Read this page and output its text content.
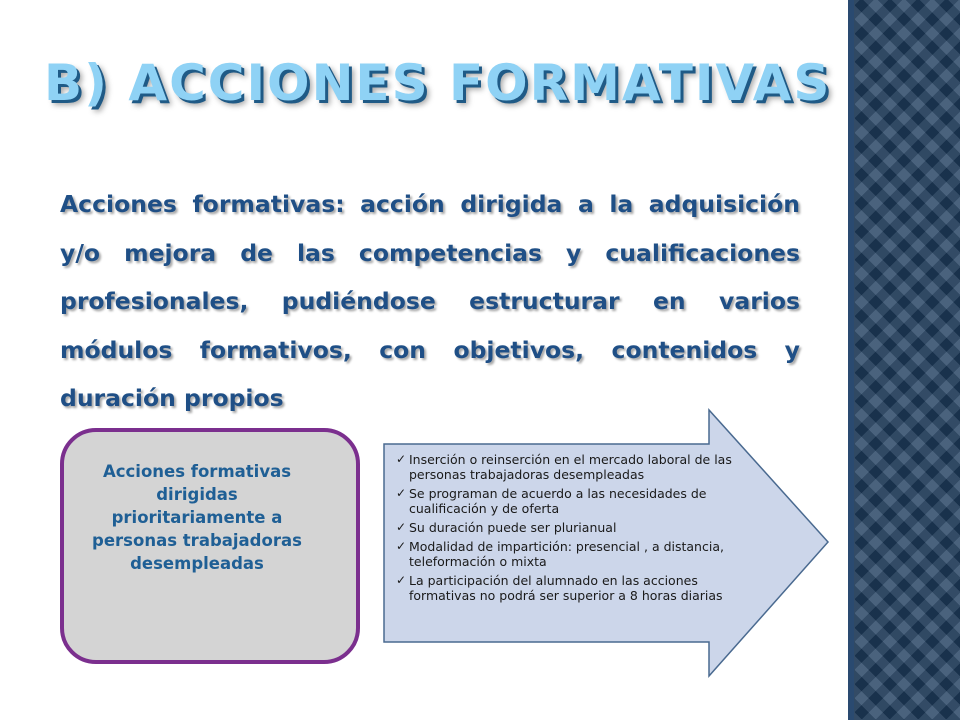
B) ACCIONES FORMATIVAS

Acciones formativas: acción dirigida a la adquisición y/o mejora de las competencias y cualificaciones profesionales, pudiéndose estructurar en varios módulos formativos, con objetivos, contenidos y duración propios

Acciones formativas dirigidas prioritariamente a personas trabajadoras desempleadas
✓ Inserción o reinserción en el mercado laboral de las personas trabajadoras desempleadas
✓ Se programan de acuerdo a las necesidades de cualificación y de oferta
✓ Su duración puede ser plurianual
✓ Modalidad de impartición: presencial , a distancia, teleformación o mixta
✓ La participación del alumnado en las acciones formativas no podrá ser superior a 8 horas diarias
